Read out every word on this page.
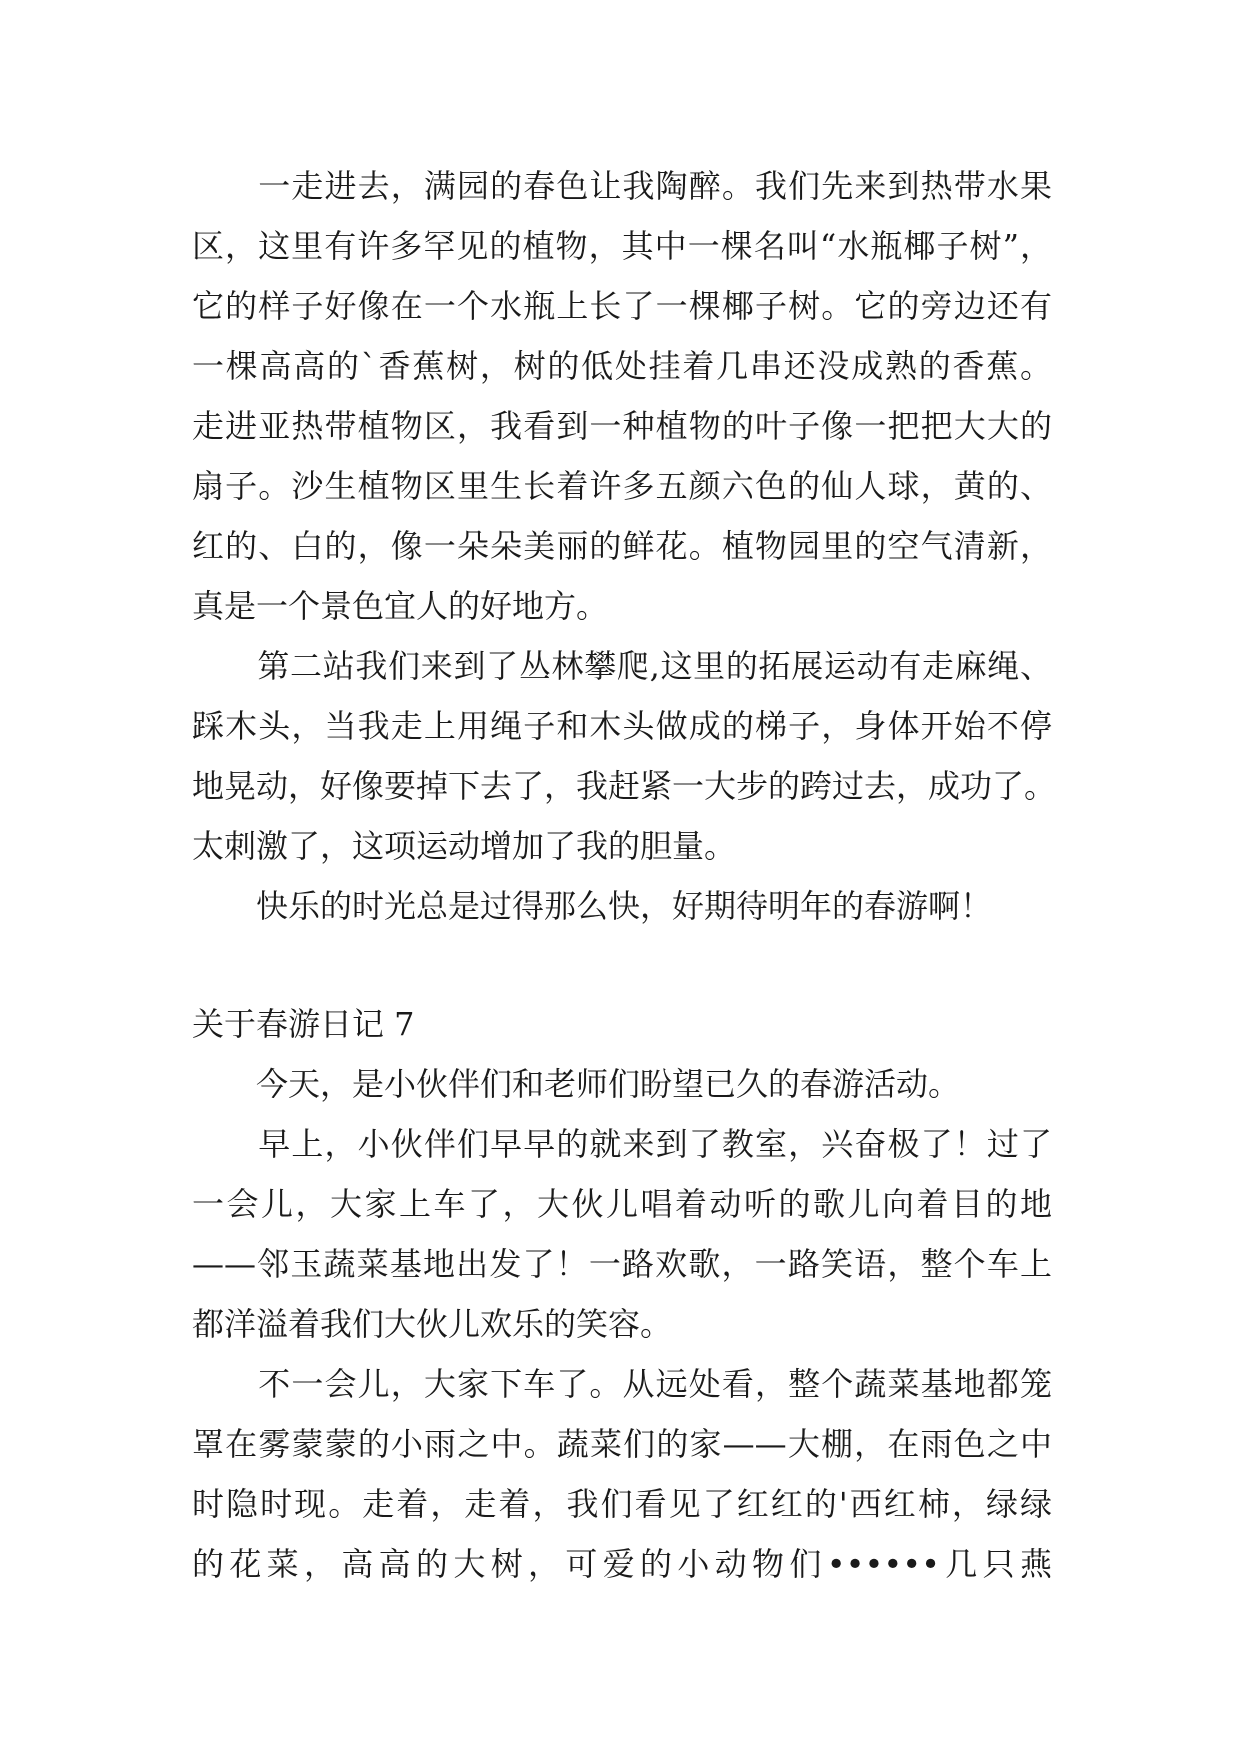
　　一走进去，满园的春色让我陶醉。我们先来到热带水果
区，这里有许多罕见的植物，其中一棵名叫“水瓶椰子树”，
它的样子好像在一个水瓶上长了一棵椰子树。它的旁边还有
一棵高高的`香蕉树，树的低处挂着几串还没成熟的香蕉。
走进亚热带植物区，我看到一种植物的叶子像一把把大大的
扇子。沙生植物区里生长着许多五颜六色的仙人球，黄的、
红的、白的，像一朵朵美丽的鲜花。植物园里的空气清新，
真是一个景色宜人的好地方。
　　第二站我们来到了丛林攀爬,这里的拓展运动有走麻绳、
踩木头，当我走上用绳子和木头做成的梯子，身体开始不停
地晃动，好像要掉下去了，我赶紧一大步的跨过去，成功了。
太刺激了，这项运动增加了我的胆量。
　　快乐的时光总是过得那么快，好期待明年的春游啊！
关于春游日记 7
　　今天，是小伙伴们和老师们盼望已久的春游活动。
　　早上，小伙伴们早早的就来到了教室，兴奋极了！过了
一会儿，大家上车了，大伙儿唱着动听的歌儿向着目的地
——邻玉蔬菜基地出发了！一路欢歌，一路笑语，整个车上
都洋溢着我们大伙儿欢乐的笑容。
　　不一会儿，大家下车了。从远处看，整个蔬菜基地都笼
罩在雾蒙蒙的小雨之中。蔬菜们的家——大棚，在雨色之中
时隐时现。走着，走着，我们看见了红红的'西红柿，绿绿
的花菜，高高的大树，可爱的小动物们••••••几只燕
